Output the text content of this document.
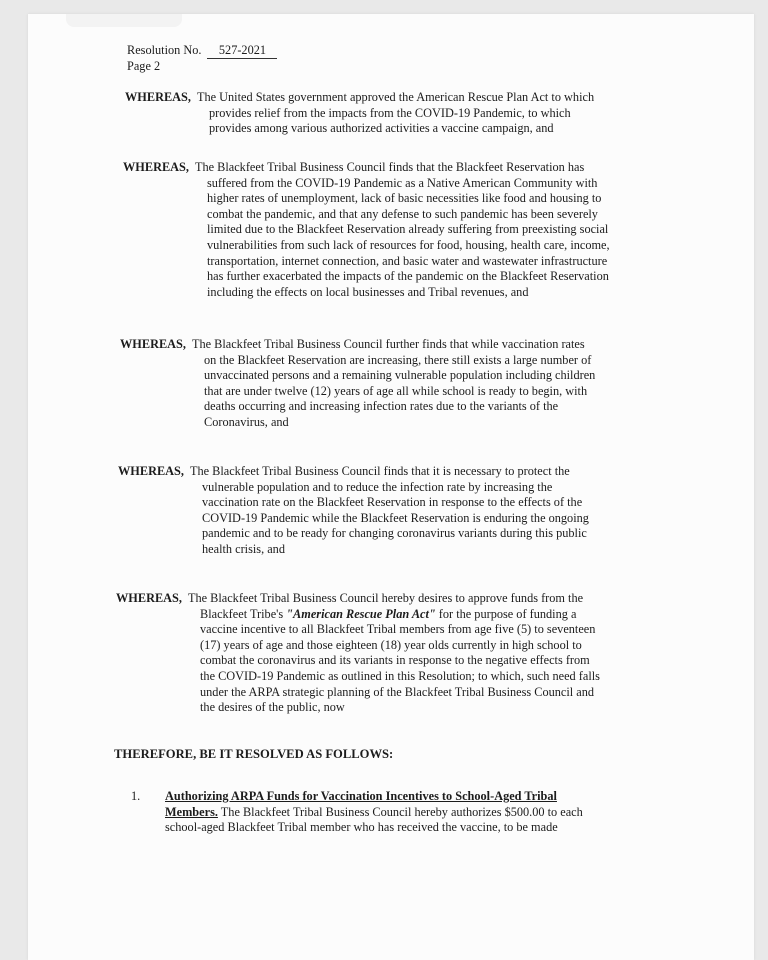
Resolution No. 527-2021
Page 2
WHEREAS, The United States government approved the American Rescue Plan Act to which
provides relief from the impacts from the COVID-19 Pandemic, to which
provides among various authorized activities a vaccine campaign, and
WHEREAS, The Blackfeet Tribal Business Council finds that the Blackfeet Reservation has
suffered from the COVID-19 Pandemic as a Native American Community with
higher rates of unemployment, lack of basic necessities like food and housing to
combat the pandemic, and that any defense to such pandemic has been severely
limited due to the Blackfeet Reservation already suffering from preexisting social
vulnerabilities from such lack of resources for food, housing, health care, income,
transportation, internet connection, and basic water and wastewater infrastructure
has further exacerbated the impacts of the pandemic on the Blackfeet Reservation
including the effects on local businesses and Tribal revenues, and
WHEREAS, The Blackfeet Tribal Business Council further finds that while vaccination rates
on the Blackfeet Reservation are increasing, there still exists a large number of
unvaccinated persons and a remaining vulnerable population including children
that are under twelve (12) years of age all while school is ready to begin, with
deaths occurring and increasing infection rates due to the variants of the
Coronavirus, and
WHEREAS, The Blackfeet Tribal Business Council finds that it is necessary to protect the
vulnerable population and to reduce the infection rate by increasing the
vaccination rate on the Blackfeet Reservation in response to the effects of the
COVID-19 Pandemic while the Blackfeet Reservation is enduring the ongoing
pandemic and to be ready for changing coronavirus variants during this public
health crisis, and
WHEREAS, The Blackfeet Tribal Business Council hereby desires to approve funds from the
Blackfeet Tribe's "American Rescue Plan Act" for the purpose of funding a
vaccine incentive to all Blackfeet Tribal members from age five (5) to seventeen
(17) years of age and those eighteen (18) year olds currently in high school to
combat the coronavirus and its variants in response to the negative effects from
the COVID-19 Pandemic as outlined in this Resolution; to which, such need falls
under the ARPA strategic planning of the Blackfeet Tribal Business Council and
the desires of the public, now
THEREFORE, BE IT RESOLVED AS FOLLOWS:
1. Authorizing ARPA Funds for Vaccination Incentives to School-Aged Tribal
Members. The Blackfeet Tribal Business Council hereby authorizes $500.00 to each
school-aged Blackfeet Tribal member who has received the vaccine, to be made
